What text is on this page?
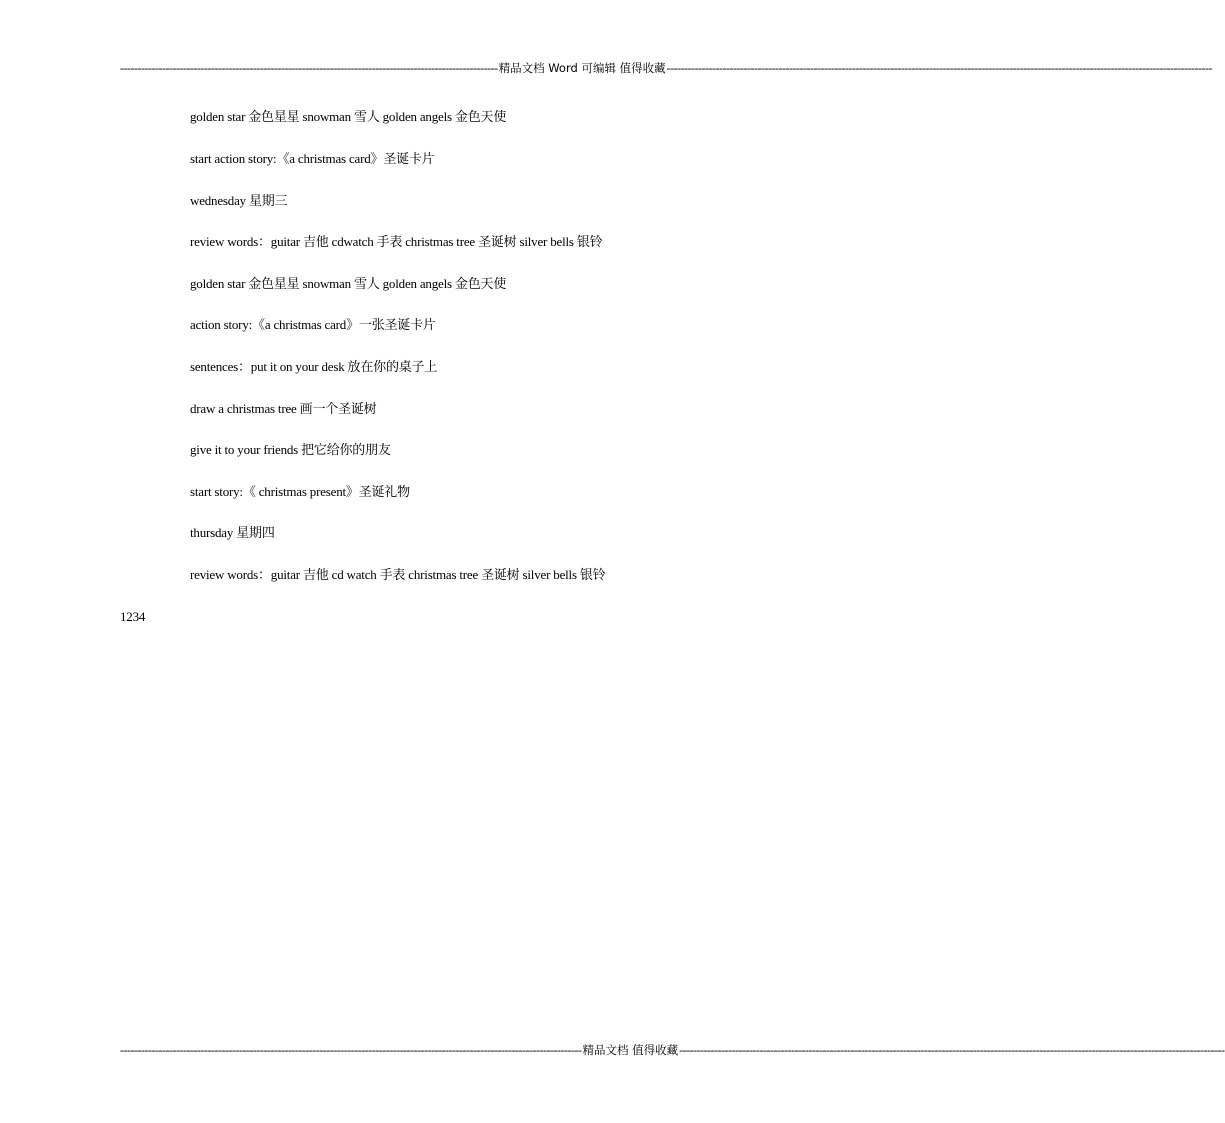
------------------------------------------------------------------------------------------------------------ 精品文档 Word 可编辑 值得收藏 ------------------------------------------------------------------------------------------------------------------------------------------------------------
golden star 金色星星 snowman 雪人 golden angels 金色天使
start action story:《a christmas card》圣诞卡片
wednesday 星期三
review words：guitar 吉他 cdwatch 手表 christmas tree 圣诞树 silver bells 银铃
golden star 金色星星 snowman 雪人 golden angels 金色天使
action story:《a christmas card》一张圣诞卡片
sentences：put it on your desk 放在你的桌子上
draw a christmas tree 画一个圣诞树
give it to your friends 把它给你的朋友
start story:《 christmas present》圣诞礼物
thursday 星期四
review words：guitar 吉他 cd watch 手表 christmas tree 圣诞树 silver bells 银铃
1234
------------------------------------------------------------------------------------------------------------------------------------ 精品文档 值得收藏 ------------------------------------------------------------------------------------------------------------------------------------------------------------
